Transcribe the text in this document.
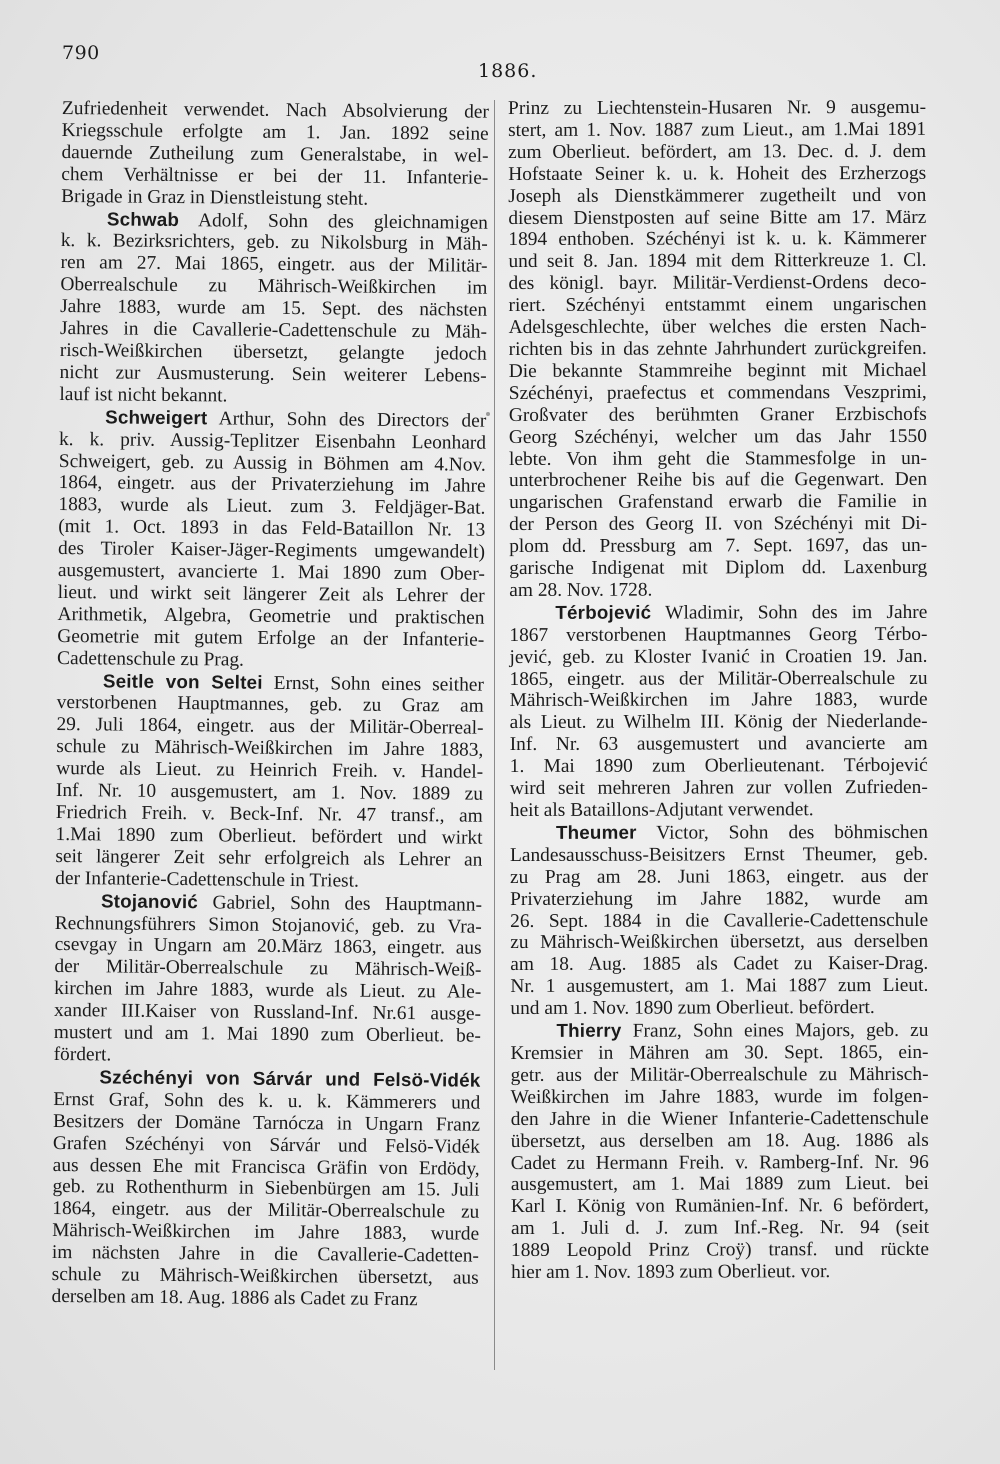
790
1886.

Zufriedenheit verwendet. Nach Absolvierung der

Kriegsschule erfolgte am 1. Jan. 1892 seine

dauernde Zutheilung zum Generalstabe, in wel-

chem Verhältnisse er bei der 11. Infanterie-

Brigade in Graz in Dienstleistung steht.

Schwab Adolf, Sohn des gleichnamigen

k. k. Bezirksrichters, geb. zu Nikolsburg in Mäh-

ren am 27. Mai 1865, eingetr. aus der Militär-

Oberrealschule zu Mährisch-Weißkirchen im

Jahre 1883, wurde am 15. Sept. des nächsten

Jahres in die Cavallerie-Cadettenschule zu Mäh-

risch-Weißkirchen übersetzt, gelangte jedoch

nicht zur Ausmusterung. Sein weiterer Lebens-

lauf ist nicht bekannt.

Schweigert Arthur, Sohn des Directors der

k. k. priv. Aussig-Teplitzer Eisenbahn Leonhard

Schweigert, geb. zu Aussig in Böhmen am 4.Nov.

1864, eingetr. aus der Privaterziehung im Jahre

1883, wurde als Lieut. zum 3. Feldjäger-Bat.

(mit 1. Oct. 1893 in das Feld-Bataillon Nr. 13

des Tiroler Kaiser-Jäger-Regiments umgewandelt)

ausgemustert, avancierte 1. Mai 1890 zum Ober-

lieut. und wirkt seit längerer Zeit als Lehrer der

Arithmetik, Algebra, Geometrie und praktischen

Geometrie mit gutem Erfolge an der Infanterie-

Cadettenschule zu Prag.

Seitle von Seltei Ernst, Sohn eines seither

verstorbenen Hauptmannes, geb. zu Graz am

29. Juli 1864, eingetr. aus der Militär-Oberreal-

schule zu Mährisch-Weißkirchen im Jahre 1883,

wurde als Lieut. zu Heinrich Freih. v. Handel-

Inf. Nr. 10 ausgemustert, am 1. Nov. 1889 zu

Friedrich Freih. v. Beck-Inf. Nr. 47 transf., am

1.Mai 1890 zum Oberlieut. befördert und wirkt

seit längerer Zeit sehr erfolgreich als Lehrer an

der Infanterie-Cadettenschule in Triest.

Stojanović Gabriel, Sohn des Hauptmann-

Rechnungsführers Simon Stojanović, geb. zu Vra-

csevgay in Ungarn am 20.März 1863, eingetr. aus

der Militär-Oberrealschule zu Mährisch-Weiß-

kirchen im Jahre 1883, wurde als Lieut. zu Ale-

xander III.Kaiser von Russland-Inf. Nr.61 ausge-

mustert und am 1. Mai 1890 zum Oberlieut. be-

fördert.

Széchényi von Sárvár und Felsö-Vidék

Ernst Graf, Sohn des k. u. k. Kämmerers und

Besitzers der Domäne Tarnócza in Ungarn Franz

Grafen Széchényi von Sárvár und Felsö-Vidék

aus dessen Ehe mit Francisca Gräfin von Erdödy,

geb. zu Rothenthurm in Siebenbürgen am 15. Juli

1864, eingetr. aus der Militär-Oberrealschule zu

Mährisch-Weißkirchen im Jahre 1883, wurde

im nächsten Jahre in die Cavallerie-Cadetten-

schule zu Mährisch-Weißkirchen übersetzt, aus

derselben am 18. Aug. 1886 als Cadet zu Franz

Prinz zu Liechtenstein-Husaren Nr. 9 ausgemu-

stert, am 1. Nov. 1887 zum Lieut., am 1.Mai 1891

zum Oberlieut. befördert, am 13. Dec. d. J. dem

Hofstaate Seiner k. u. k. Hoheit des Erzherzogs

Joseph als Dienstkämmerer zugetheilt und von

diesem Dienstposten auf seine Bitte am 17. März

1894 enthoben. Széchényi ist k. u. k. Kämmerer

und seit 8. Jan. 1894 mit dem Ritterkreuze 1. Cl.

des königl. bayr. Militär-Verdienst-Ordens deco-

riert. Széchényi entstammt einem ungarischen

Adelsgeschlechte, über welches die ersten Nach-

richten bis in das zehnte Jahrhundert zurückgreifen.

Die bekannte Stammreihe beginnt mit Michael

Széchényi, praefectus et commendans Veszprimi,

Großvater des berühmten Graner Erzbischofs

Georg Széchényi, welcher um das Jahr 1550

lebte. Von ihm geht die Stammesfolge in un-

unterbrochener Reihe bis auf die Gegenwart. Den

ungarischen Grafenstand erwarb die Familie in

der Person des Georg II. von Széchényi mit Di-

plom dd. Pressburg am 7. Sept. 1697, das un-

garische Indigenat mit Diplom dd. Laxenburg

am 28. Nov. 1728.

Térbojević Wladimir, Sohn des im Jahre

1867 verstorbenen Hauptmannes Georg Térbo-

jević, geb. zu Kloster Ivanić in Croatien 19. Jan.

1865, eingetr. aus der Militär-Oberrealschule zu

Mährisch-Weißkirchen im Jahre 1883, wurde

als Lieut. zu Wilhelm III. König der Niederlande-

Inf. Nr. 63 ausgemustert und avancierte am

1. Mai 1890 zum Oberlieutenant. Térbojević

wird seit mehreren Jahren zur vollen Zufrieden-

heit als Bataillons-Adjutant verwendet.

Theumer Victor, Sohn des böhmischen

Landesausschuss-Beisitzers Ernst Theumer, geb.

zu Prag am 28. Juni 1863, eingetr. aus der

Privaterziehung im Jahre 1882, wurde am

26. Sept. 1884 in die Cavallerie-Cadettenschule

zu Mährisch-Weißkirchen übersetzt, aus derselben

am 18. Aug. 1885 als Cadet zu Kaiser-Drag.

Nr. 1 ausgemustert, am 1. Mai 1887 zum Lieut.

und am 1. Nov. 1890 zum Oberlieut. befördert.

Thierry Franz, Sohn eines Majors, geb. zu

Kremsier in Mähren am 30. Sept. 1865, ein-

getr. aus der Militär-Oberrealschule zu Mährisch-

Weißkirchen im Jahre 1883, wurde im folgen-

den Jahre in die Wiener Infanterie-Cadettenschule

übersetzt, aus derselben am 18. Aug. 1886 als

Cadet zu Hermann Freih. v. Ramberg-Inf. Nr. 96

ausgemustert, am 1. Mai 1889 zum Lieut. bei

Karl I. König von Rumänien-Inf. Nr. 6 befördert,

am 1. Juli d. J. zum Inf.-Reg. Nr. 94 (seit

1889 Leopold Prinz Croÿ) transf. und rückte

hier am 1. Nov. 1893 zum Oberlieut. vor.
